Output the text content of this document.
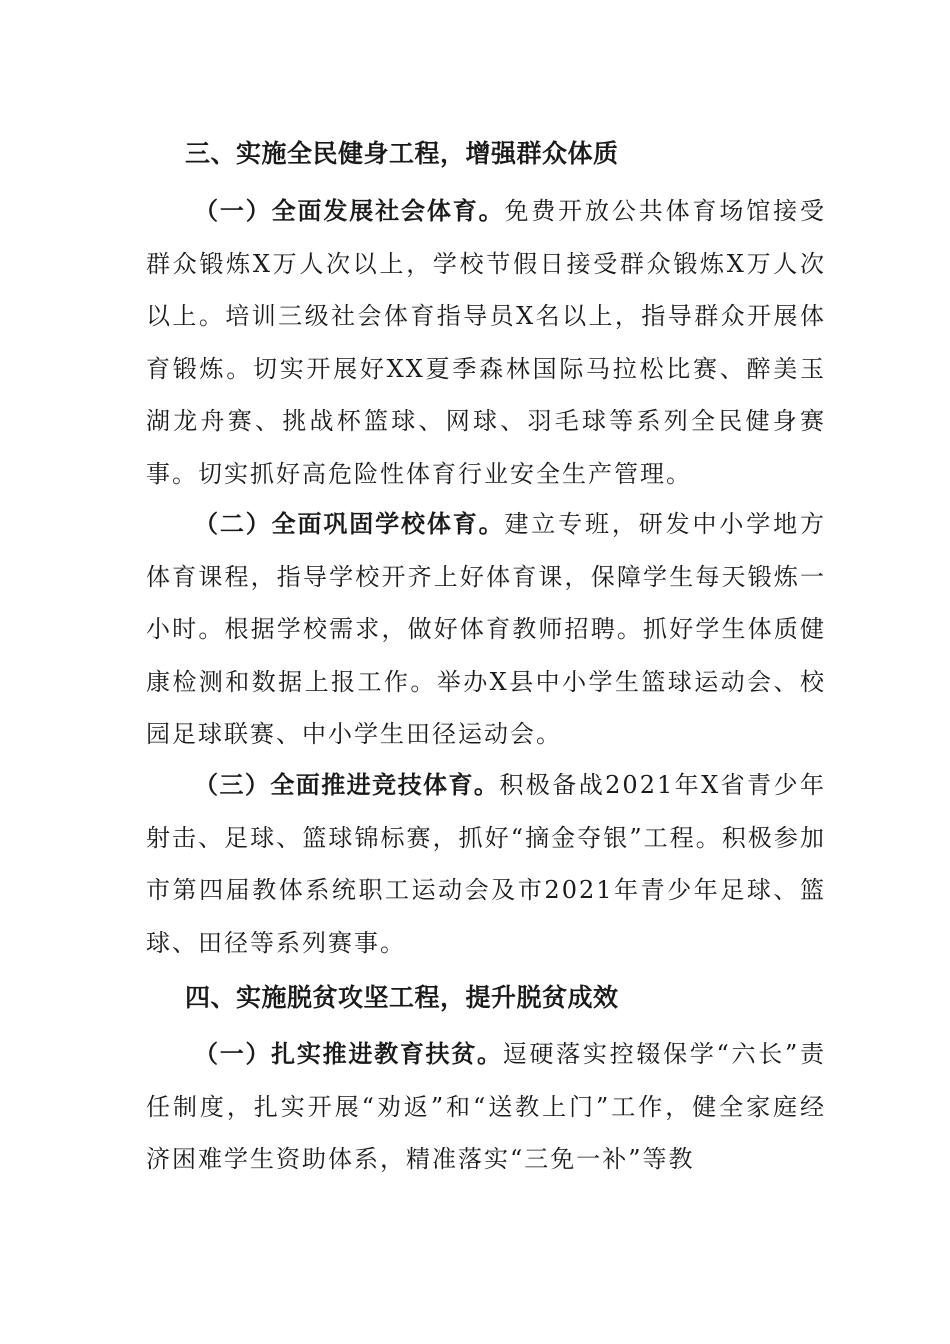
三、实施全民健身工程，增强群众体质
（一）全面发展社会体育。免费开放公共体育场馆接受群众锻炼X万人次以上，学校节假日接受群众锻炼X万人次以上。培训三级社会体育指导员X名以上，指导群众开展体育锻炼。切实开展好XX夏季森林国际马拉松比赛、醉美玉湖龙舟赛、挑战杯篮球、网球、羽毛球等系列全民健身赛事。切实抓好高危险性体育行业安全生产管理。
（二）全面巩固学校体育。建立专班，研发中小学地方体育课程，指导学校开齐上好体育课，保障学生每天锻炼一小时。根据学校需求，做好体育教师招聘。抓好学生体质健康检测和数据上报工作。举办X县中小学生篮球运动会、校园足球联赛、中小学生田径运动会。
（三）全面推进竞技体育。积极备战2021年X省青少年射击、足球、篮球锦标赛，抓好“摘金夺银”工程。积极参加市第四届教体系统职工运动会及市2021年青少年足球、篮球、田径等系列赛事。
四、实施脱贫攻坚工程，提升脱贫成效
（一）扎实推进教育扶贫。逗硬落实控辍保学“六长”责任制度，扎实开展“劝返”和“送教上门”工作，健全家庭经济困难学生资助体系，精准落实“三免一补”等教
